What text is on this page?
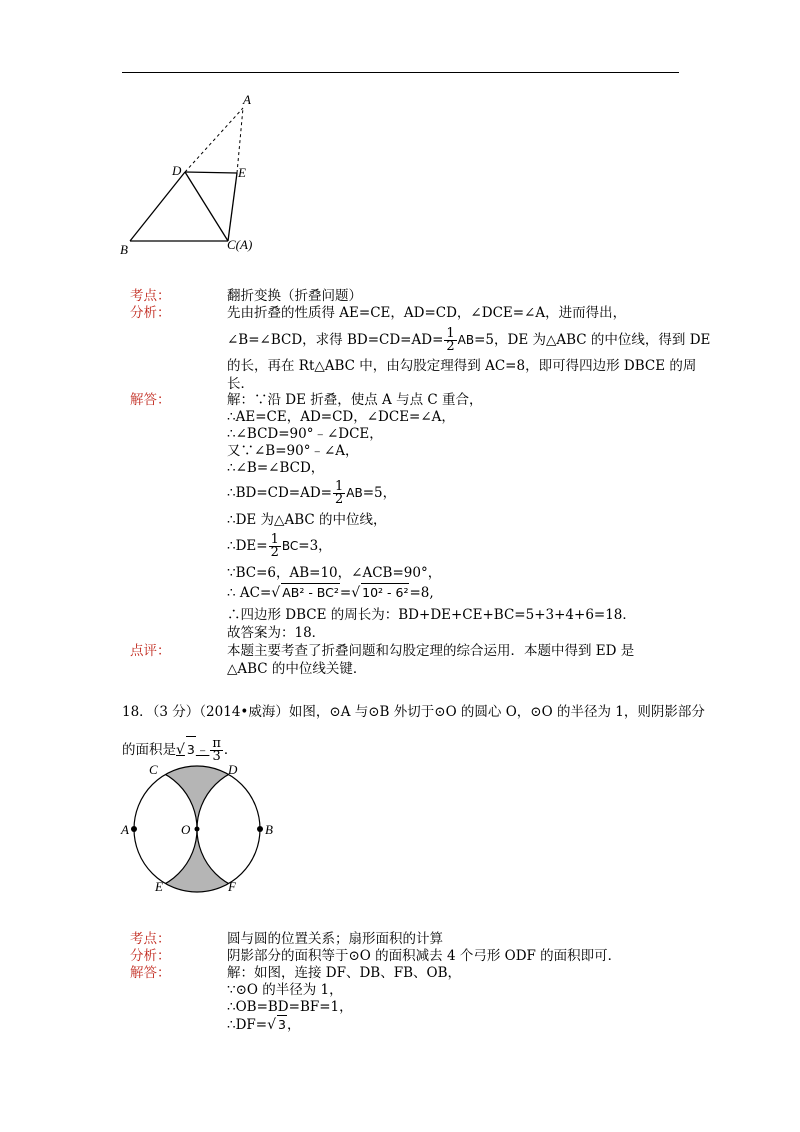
A
D	E
B	C(A)
考点：	翻折变换（折叠问题）
分析：	先由折叠的性质得 AE=CE，AD=CD，∠DCE=∠A，进而得出，
∠B=∠BCD，求得 $BD=CD=AD= \frac{1}{2} AB=5$，DE 为△ABC 的中位线，得到 DE
的长，再在 Rt△ABC 中，由勾股定理得到 AC=8，即可得四边形 DBCE 的周
长．
解答：	解：∵沿 DE 折叠，使点 A 与点 C 重合，
∴AE=CE，AD=CD，∠DCE=∠A，
∴∠BCD=90°﹣∠DCE，
又∵∠B=90°﹣∠A，
∴∠B=∠BCD，
∴BD=CD=AD= $\frac{1}{2} AB=5$，
∴DE 为△ABC 的中位线，
∴DE= $\frac{1}{2} BC=3$，
∵BC=6，AB=10，∠ACB=90°，
∴ AC=√ AB² - BC²=√ 10² - 6²=8,
∴四边形 DBCE 的周长为：BD+DE+CE+BC=5+3+4+6=18．
故答案为：18．
点评：	本题主要考查了折叠问题和勾股定理的综合运用．本题中得到 ED 是
△ABC 的中位线关键．
18．（3 分）（2014•威海）如图，⊙A 与⊙B 外切于⊙O 的圆心 O，⊙O 的半径为 1，则阴影部分
的面积是√ 3﹣ $\frac{\pi}{3}$ ．
C	D
A	O	B
E	F
考点：	圆与圆的位置关系；扇形面积的计算
分析：	阴影部分的面积等于⊙O 的面积减去 4 个弓形 ODF 的面积即可．
解答：	解：如图，连接 DF、DB、FB、OB，
∵⊙O 的半径为 1，
∴OB=BD=BF=1，
∴DF=√ 3，
